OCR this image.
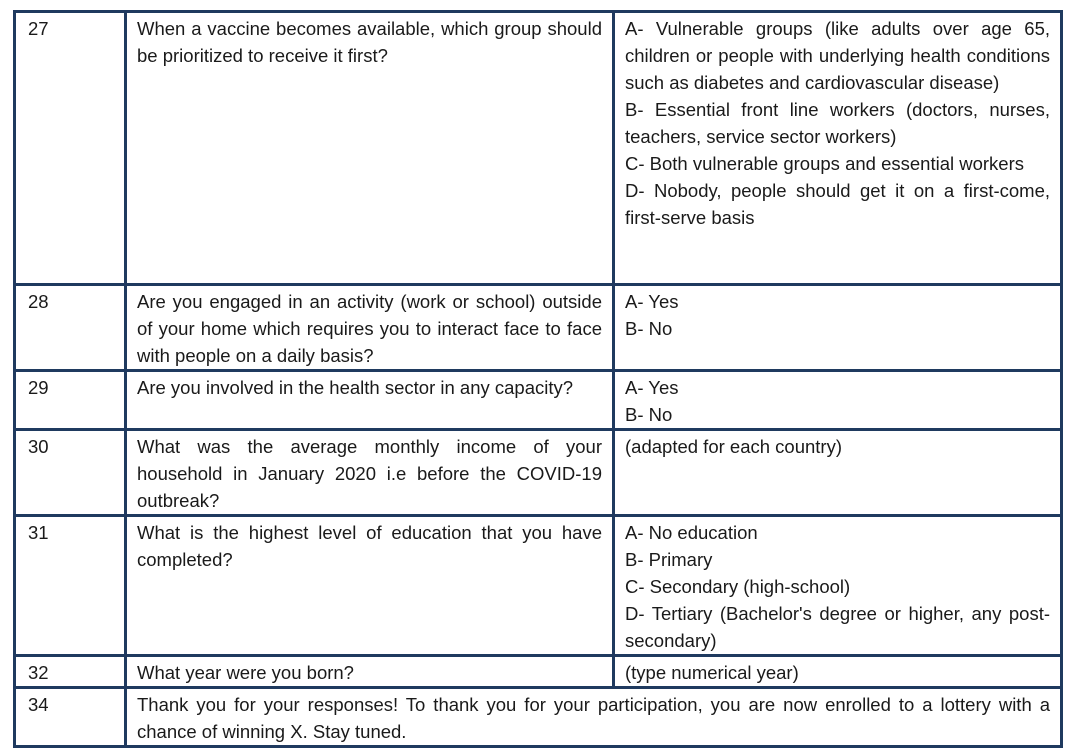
27	When a vaccine becomes available, which group should be prioritized to receive it first?	A- Vulnerable groups (like adults over age 65, children or people with underlying health conditions such as diabetes and cardiovascular disease)
B- Essential front line workers (doctors, nurses, teachers, service sector workers)
C- Both vulnerable groups and essential workers
D- Nobody, people should get it on a first-come, first-serve basis

28	Are you engaged in an activity (work or school) outside of your home which requires you to interact face to face with people on a daily basis?	A- Yes
B- No

29	Are you involved in the health sector in any capacity?	A- Yes
B- No

30	What was the average monthly income of your household in January 2020 i.e before the COVID-19 outbreak?	(adapted for each country)

31	What is the highest level of education that you have completed?	A- No education
B- Primary
C- Secondary (high-school)
D- Tertiary (Bachelor's degree or higher, any post-secondary)

32	What year were you born?	(type numerical year)

34	Thank you for your responses! To thank you for your participation, you are now enrolled to a lottery with a chance of winning X. Stay tuned.	
